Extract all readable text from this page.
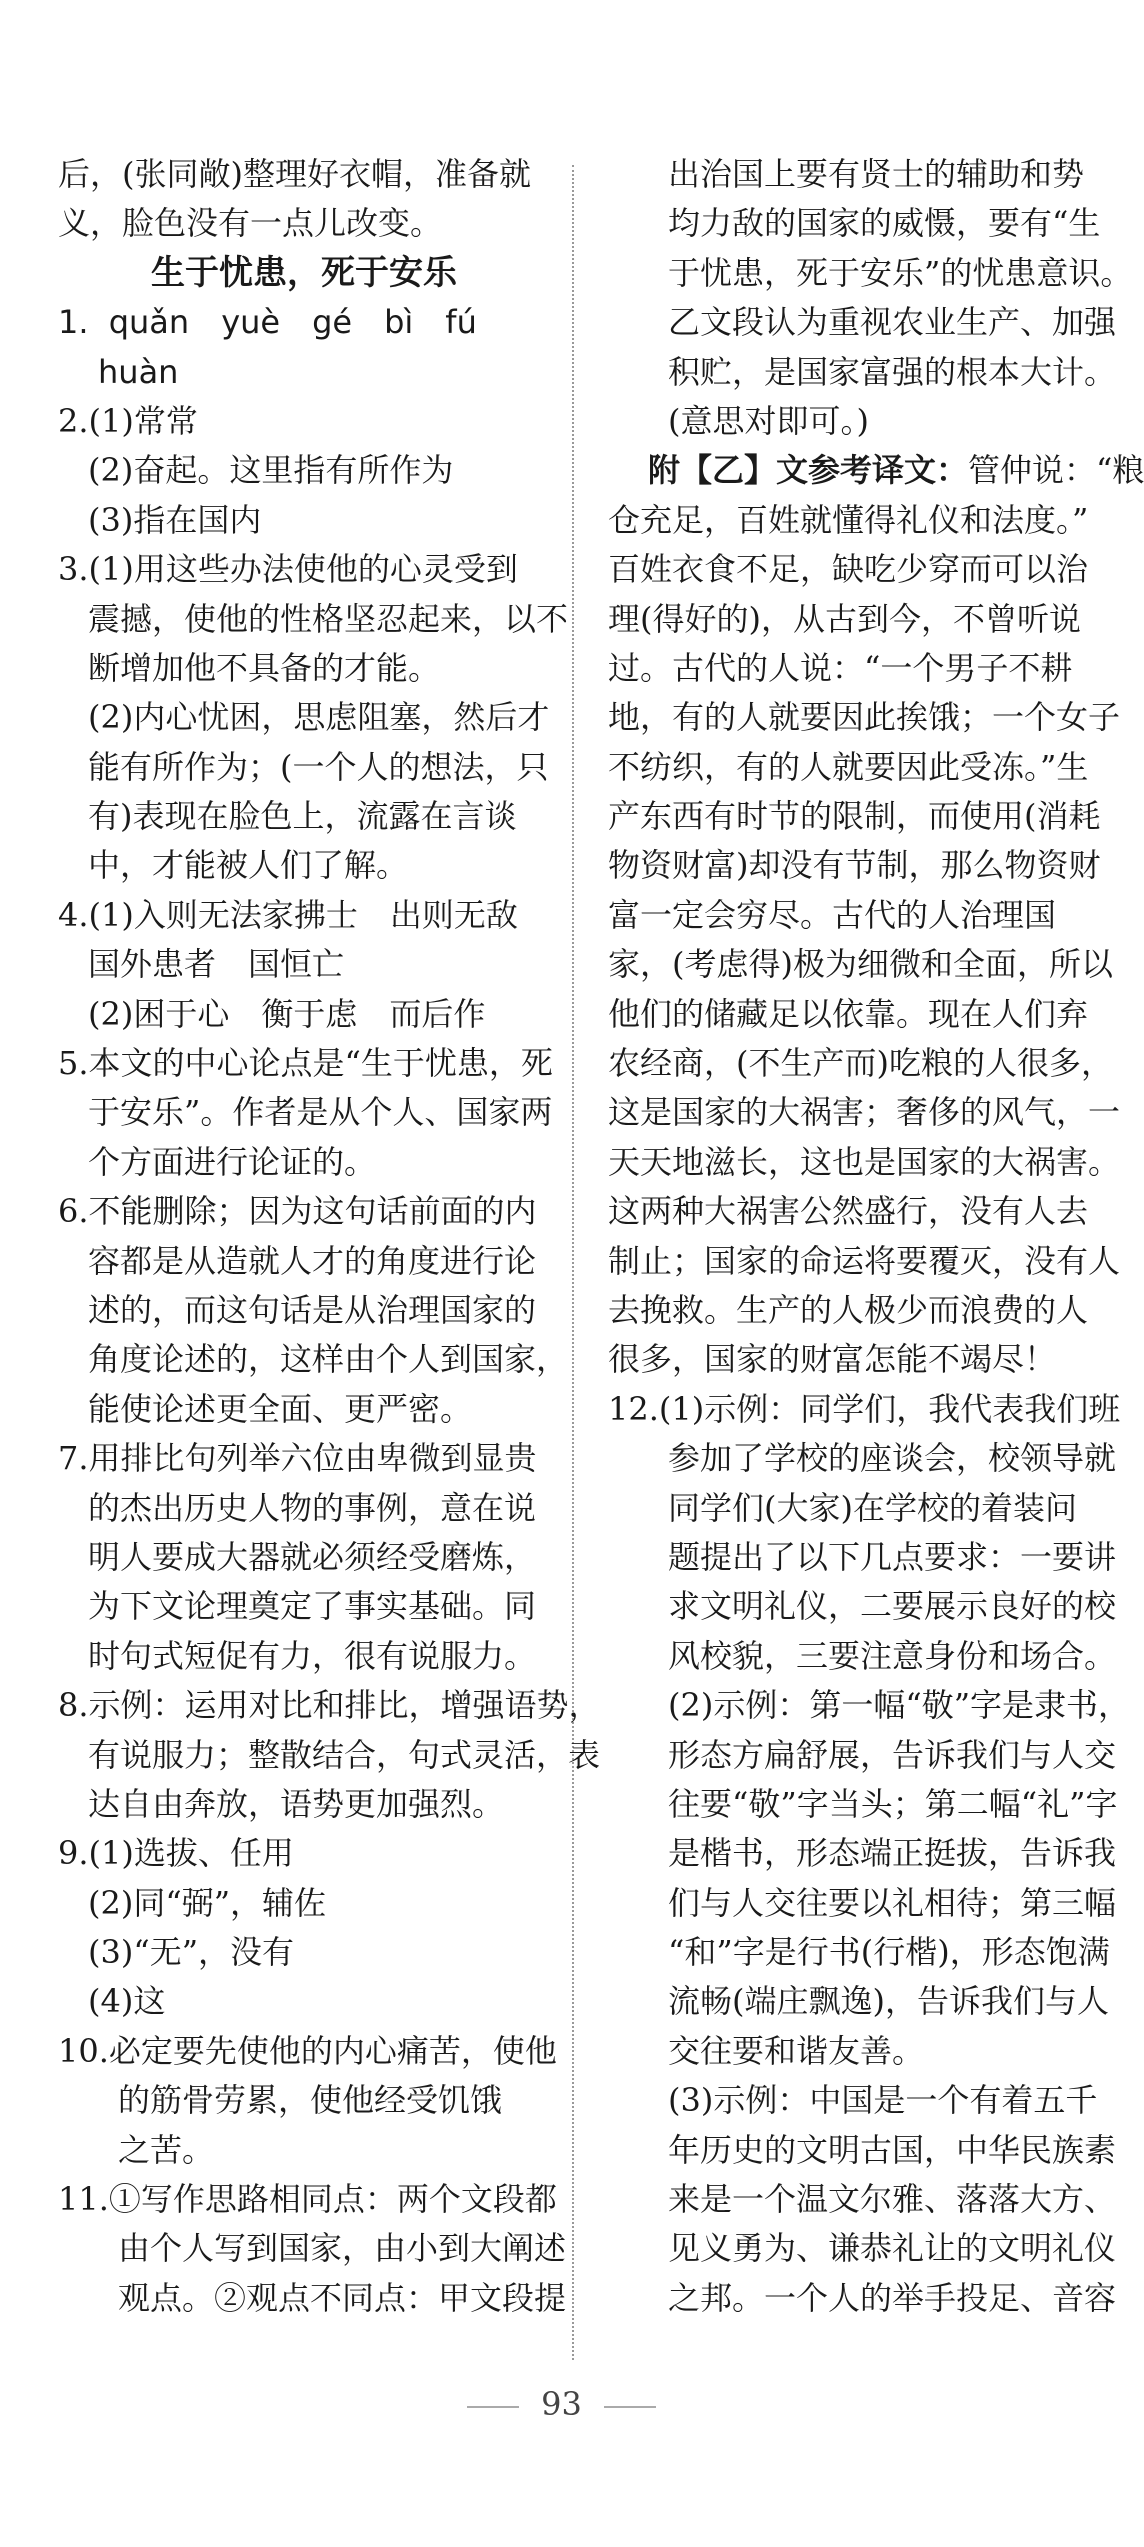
后，(张同敞)整理好衣帽，准备就
义，脸色没有一点儿改变。
生于忧患，死于安乐
1. quǎn　yuè　gé　bì　fú
huàn
2.(1)常常
(2)奋起。这里指有所作为
(3)指在国内
3.(1)用这些办法使他的心灵受到
震撼，使他的性格坚忍起来，以不
断增加他不具备的才能。
(2)内心忧困，思虑阻塞，然后才
能有所作为；(一个人的想法，只
有)表现在脸色上，流露在言谈
中，才能被人们了解。
4.(1)入则无法家拂士　出则无敌
国外患者　国恒亡
(2)困于心　衡于虑　而后作
5.本文的中心论点是“生于忧患，死
于安乐”。作者是从个人、国家两
个方面进行论证的。
6.不能删除；因为这句话前面的内
容都是从造就人才的角度进行论
述的，而这句话是从治理国家的
角度论述的，这样由个人到国家，
能使论述更全面、更严密。
7.用排比句列举六位由卑微到显贵
的杰出历史人物的事例，意在说
明人要成大器就必须经受磨炼，
为下文论理奠定了事实基础。同
时句式短促有力，很有说服力。
8.示例：运用对比和排比，增强语势，
有说服力；整散结合，句式灵活，表
达自由奔放，语势更加强烈。
9.(1)选拔、任用
(2)同“弼”，辅佐
(3)“无”，没有
(4)这
10.必定要先使他的内心痛苦，使他
的筋骨劳累，使他经受饥饿
之苦。
11.①写作思路相同点：两个文段都
由个人写到国家，由小到大阐述
观点。②观点不同点：甲文段提
出治国上要有贤士的辅助和势
均力敌的国家的威慑，要有“生
于忧患，死于安乐”的忧患意识。
乙文段认为重视农业生产、加强
积贮，是国家富强的根本大计。
(意思对即可。)
附【乙】文参考译文：管仲说：“粮
仓充足，百姓就懂得礼仪和法度。”
百姓衣食不足，缺吃少穿而可以治
理(得好的)，从古到今，不曾听说
过。古代的人说：“一个男子不耕
地，有的人就要因此挨饿；一个女子
不纺织，有的人就要因此受冻。”生
产东西有时节的限制，而使用(消耗
物资财富)却没有节制，那么物资财
富一定会穷尽。古代的人治理国
家，(考虑得)极为细微和全面，所以
他们的储藏足以依靠。现在人们弃
农经商，(不生产而)吃粮的人很多，
这是国家的大祸害；奢侈的风气，一
天天地滋长，这也是国家的大祸害。
这两种大祸害公然盛行，没有人去
制止；国家的命运将要覆灭，没有人
去挽救。生产的人极少而浪费的人
很多，国家的财富怎能不竭尽！
12.(1)示例：同学们，我代表我们班
参加了学校的座谈会，校领导就
同学们(大家)在学校的着装问
题提出了以下几点要求：一要讲
求文明礼仪，二要展示良好的校
风校貌，三要注意身份和场合。
(2)示例：第一幅“敬”字是隶书，
形态方扁舒展，告诉我们与人交
往要“敬”字当头；第二幅“礼”字
是楷书，形态端正挺拔，告诉我
们与人交往要以礼相待；第三幅
“和”字是行书(行楷)，形态饱满
流畅(端庄飘逸)，告诉我们与人
交往要和谐友善。
(3)示例：中国是一个有着五千
年历史的文明古国，中华民族素
来是一个温文尔雅、落落大方、
见义勇为、谦恭礼让的文明礼仪
之邦。一个人的举手投足、音容
93
